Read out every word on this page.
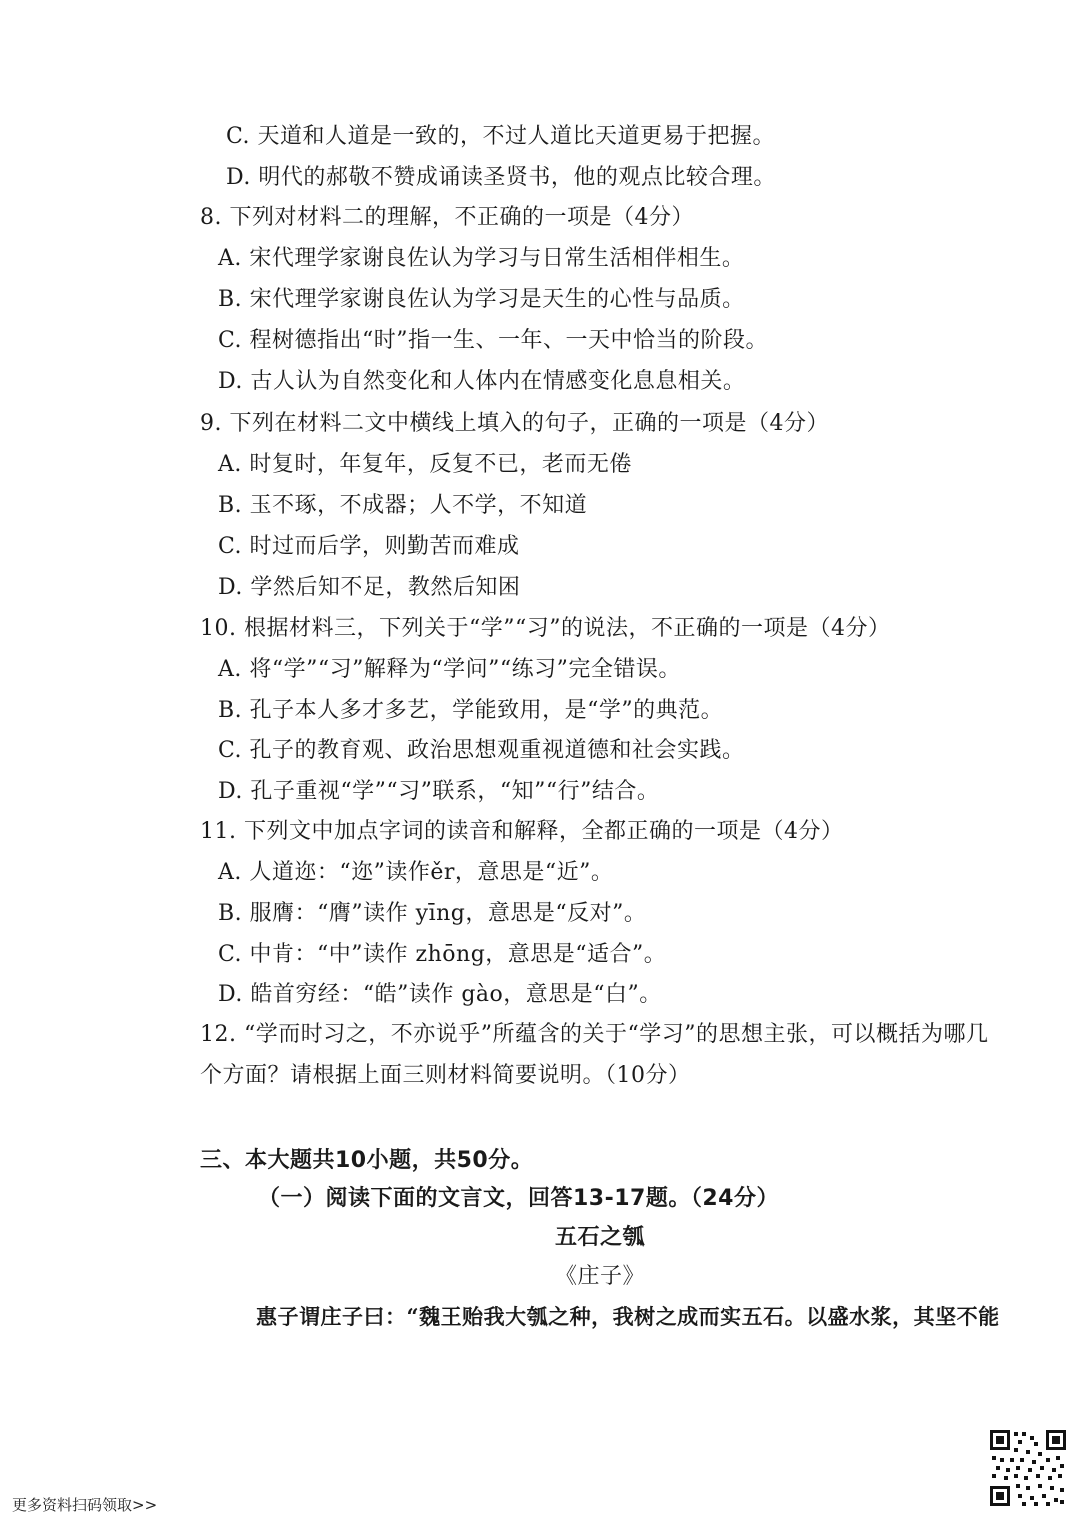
C. 天道和人道是一致的，不过人道比天道更易于把握。
D. 明代的郝敬不赞成诵读圣贤书，他的观点比较合理。
8. 下列对材料二的理解，不正确的一项是（4分）
A. 宋代理学家谢良佐认为学习与日常生活相伴相生。
B. 宋代理学家谢良佐认为学习是天生的心性与品质。
C. 程树德指出“时”指一生、一年、一天中恰当的阶段。
D. 古人认为自然变化和人体内在情感变化息息相关。
9. 下列在材料二文中横线上填入的句子，正确的一项是（4分）
A. 时复时，年复年，反复不已，老而无倦
B. 玉不琢，不成器；人不学，不知道
C. 时过而后学，则勤苦而难成
D. 学然后知不足，教然后知困
10. 根据材料三，下列关于“学”“习”的说法，不正确的一项是（4分）
A. 将“学”“习”解释为“学问”“练习”完全错误。
B. 孔子本人多才多艺，学能致用，是“学”的典范。
C. 孔子的教育观、政治思想观重视道德和社会实践。
D. 孔子重视“学”“习”联系，“知”“行”结合。
11. 下列文中加点字词的读音和解释，全都正确的一项是（4分）
A. 人道迩：“迩”读作ěr，意思是“近”。
B. 服膺：“膺”读作 yīng，意思是“反对”。
C. 中肯：“中”读作 zhōng，意思是“适合”。
D. 皓首穷经：“皓”读作 gào，意思是“白”。
12. “学而时习之，不亦说乎”所蕴含的关于“学习”的思想主张，可以概括为哪几
个方面？请根据上面三则材料简要说明。（10分）
三、本大题共10小题，共50分。
（一）阅读下面的文言文，回答13-17题。（24分）
五石之瓠
《庄子》
惠子谓庄子曰：“魏王贻我大瓠之种，我树之成而实五石。以盛水浆，其坚不能
更多资料扫码领取>>
